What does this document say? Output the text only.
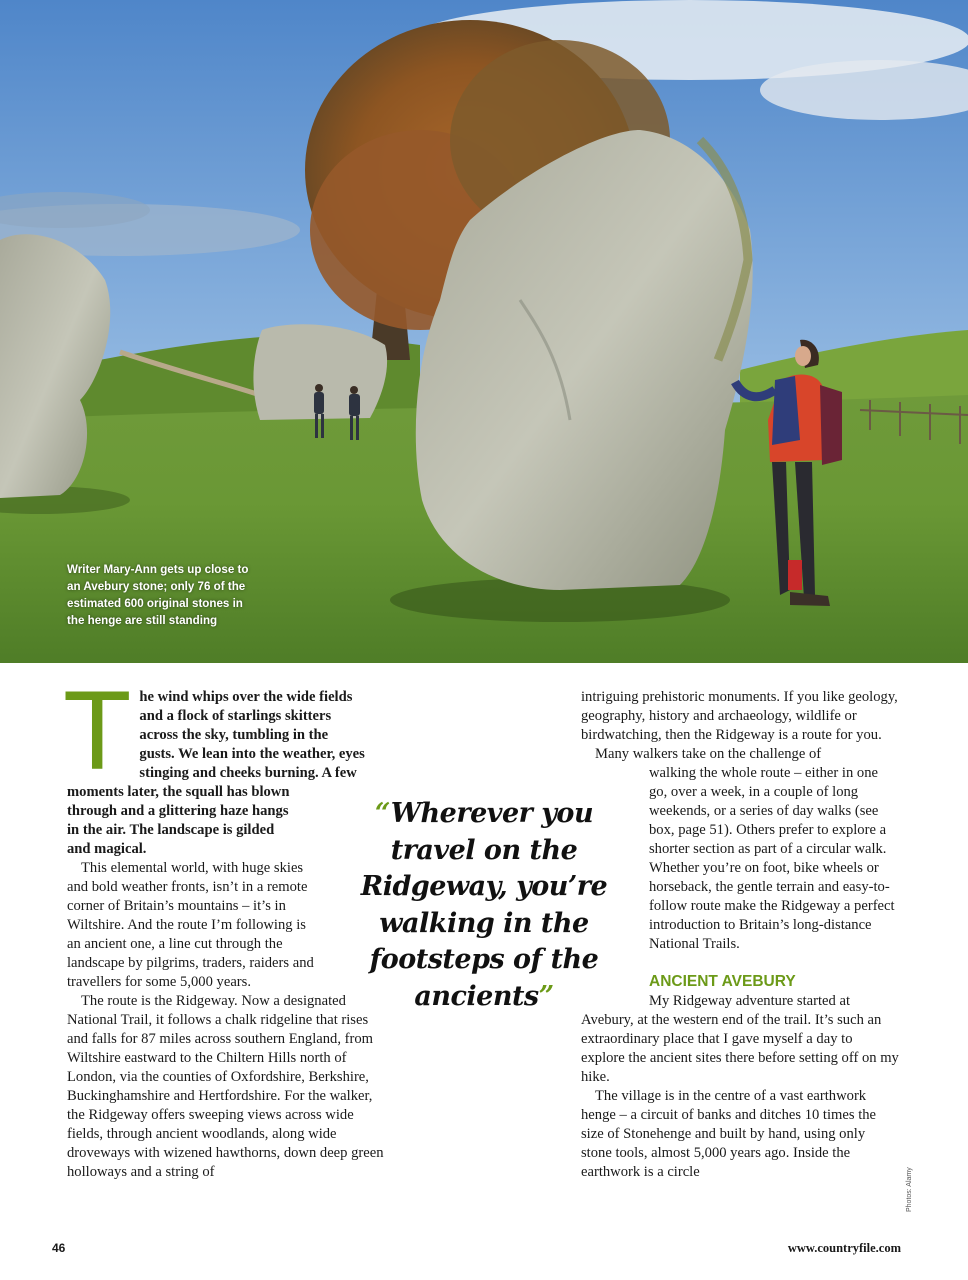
Writer Mary-Ann gets up close to an Avebury stone; only 76 of the estimated 600 original stones in the henge are still standing
T he wind whips over the wide fields
and a flock of starlings skitters
across the sky, tumbling in the
gusts. We lean into the weather, eyes
stinging and cheeks burning. A few
moments later, the squall has blown through and a glittering haze hangs in the air. The landscape is gilded and magical.

This elemental world, with huge skies and bold weather fronts, isn’t in a remote corner of Britain’s mountains – it’s in Wiltshire. And the route I’m following is an ancient one, a line cut through the landscape by pilgrims, traders, raiders and travellers for some 5,000 years.

The route is the Ridgeway. Now a designated National Trail, it follows a chalk ridgeline that rises and falls for 87 miles across southern England, from Wiltshire eastward to the Chiltern Hills north of London, via the counties of Oxfordshire, Berkshire, Buckinghamshire and Hertfordshire. For the walker, the Ridgeway offers sweeping views across wide fields, through ancient woodlands, along wide droveways with wizened hawthorns, down deep green holloways and a string of

“Wherever you travel on the Ridgeway, you’re walking in the footsteps of the ancients”

intriguing prehistoric monuments. If you like geology, geography, history and archaeology, wildlife or birdwatching, then the Ridgeway is a route for you.

Many walkers take on the challenge of

walking the whole route – either in one go, over a week, in a couple of long weekends, or a series of day walks (see box, page 51). Others prefer to explore a shorter section as part of a circular walk. Whether you’re on foot, bike wheels or horseback, the gentle terrain and easy-to-follow route make the Ridgeway a perfect introduction to Britain’s long-distance National Trails.

ANCIENT AVEBURY

My Ridgeway adventure started at

Avebury, at the western end of the trail. It’s such an extraordinary place that I gave myself a day to explore the ancient sites there before setting off on my hike.

The village is in the centre of a vast earthwork henge – a circuit of banks and ditches 10 times the size of Stonehenge and built by hand, using only stone tools, almost 5,000 years ago. Inside the earthwork is a circle	Photos: Alamy
46	www.countryfile.com
